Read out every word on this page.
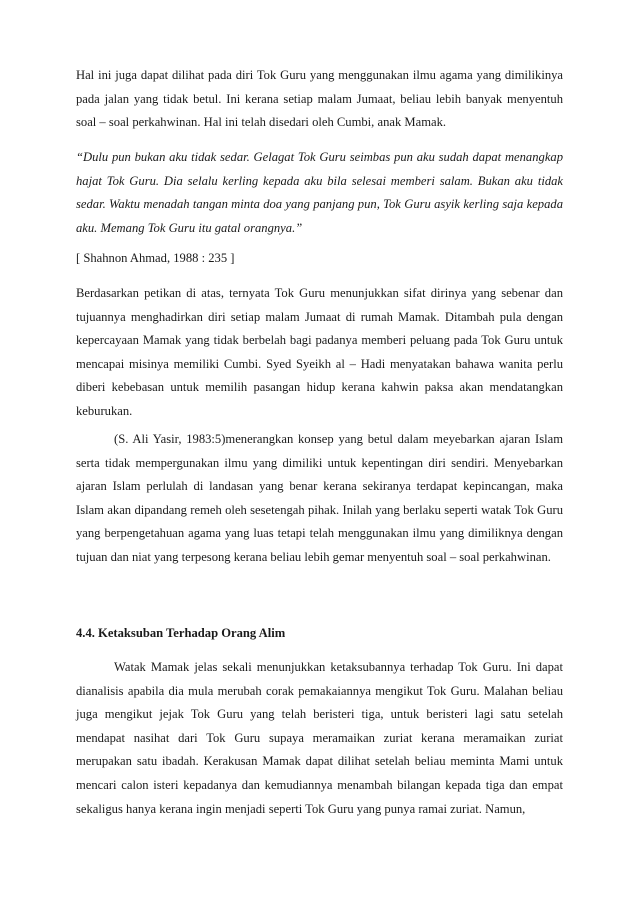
Hal ini juga dapat dilihat pada diri Tok Guru yang menggunakan ilmu agama yang dimilikinya pada jalan yang tidak betul. Ini kerana setiap malam Jumaat, beliau lebih banyak menyentuh soal – soal perkahwinan. Hal ini telah disedari oleh Cumbi, anak Mamak.

“Dulu pun bukan aku tidak sedar. Gelagat Tok Guru seimbas pun aku sudah dapat menangkap hajat Tok Guru. Dia selalu kerling kepada aku bila selesai memberi salam. Bukan aku tidak sedar. Waktu menadah tangan minta doa yang panjang pun, Tok Guru asyik kerling saja kepada aku. Memang Tok Guru itu gatal orangnya.”

[ Shahnon Ahmad, 1988 : 235 ]

Berdasarkan petikan di atas, ternyata Tok Guru menunjukkan sifat dirinya yang sebenar dan tujuannya menghadirkan diri setiap malam Jumaat di rumah Mamak. Ditambah pula dengan kepercayaan Mamak yang tidak berbelah bagi padanya memberi peluang pada Tok Guru untuk mencapai misinya memiliki Cumbi. Syed Syeikh al – Hadi menyatakan bahawa wanita perlu diberi kebebasan untuk memilih pasangan hidup kerana kahwin paksa akan mendatangkan keburukan.

(S. Ali Yasir, 1983:5)menerangkan konsep yang betul dalam meyebarkan ajaran Islam serta tidak mempergunakan ilmu yang dimiliki untuk kepentingan diri sendiri. Menyebarkan ajaran Islam perlulah di landasan yang benar kerana sekiranya terdapat kepincangan, maka Islam akan dipandang remeh oleh sesetengah pihak. Inilah yang berlaku seperti watak Tok Guru yang berpengetahuan agama yang luas tetapi telah menggunakan ilmu yang dimiliknya dengan tujuan dan niat yang terpesong kerana beliau lebih gemar menyentuh soal – soal perkahwinan.

4.4. Ketaksuban Terhadap Orang Alim

Watak Mamak jelas sekali menunjukkan ketaksubannya terhadap Tok Guru. Ini dapat dianalisis apabila dia mula merubah corak pemakaiannya mengikut Tok Guru. Malahan beliau juga mengikut jejak Tok Guru yang telah beristeri tiga, untuk beristeri lagi satu setelah mendapat nasihat dari Tok Guru supaya meramaikan zuriat kerana meramaikan zuriat merupakan satu ibadah. Kerakusan Mamak dapat dilihat setelah beliau meminta Mami untuk mencari calon isteri kepadanya dan kemudiannya menambah bilangan kepada tiga dan empat sekaligus hanya kerana ingin menjadi seperti Tok Guru yang punya ramai zuriat. Namun,
